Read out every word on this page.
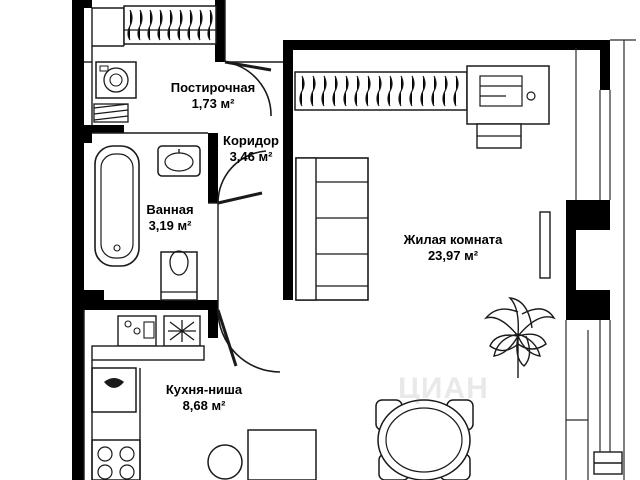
Постирочная
1,73 м²
Коридор
3,46 м²
Ванная
3,19 м²
Жилая комната
23,97 м²
Кухня-ниша
8,68 м²
ЦИАН
